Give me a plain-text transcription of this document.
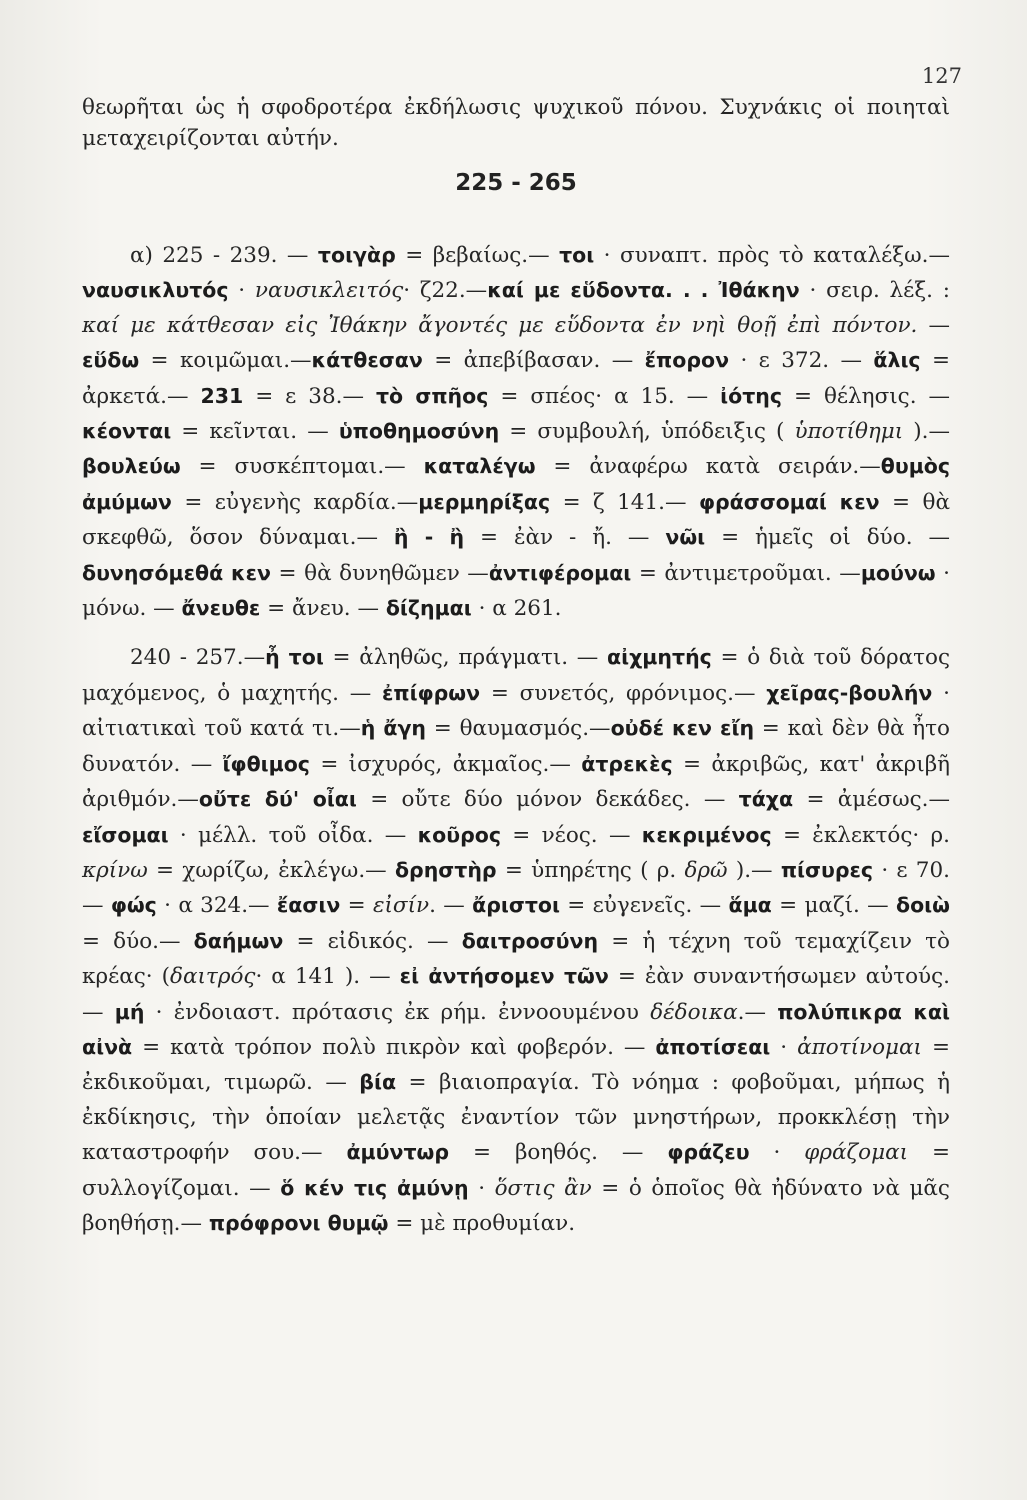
127

θεωρῆται ὡς ἡ σφοδροτέρα ἐκδήλωσις ψυχικοῦ πόνου. Συχνάκις οἱ ποιηταὶ μεταχειρίζονται αὐτήν.

225 - 265

α) 225 - 239. — τοιγὰρ = βεβαίως.— τοι · συναπτ. πρὸς τὸ καταλέξω.—ναυσικλυτός · ναυσικλειτός· ζ22.—καί με εὕδοντα. . . Ἰθάκην · σειρ. λέξ. : καί με κάτθεσαν εἰς Ἰθάκην ἄγοντές με εὕδοντα ἐν νηὶ θοῇ ἐπὶ πόντον. — εὕδω = κοιμῶμαι.—κάτθεσαν = ἀπεβίβασαν. — ἔπορον · ε 372. — ἅλις = ἀρκετά.— 231 = ε 38.— τὸ σπῆος = σπέος· α 15. — ἰότης = θέλησις. — κέονται = κεῖνται. — ὑποθημοσύνη = συμβουλή, ὑπόδειξις ( ὑποτίθημι ).— βουλεύω = συσκέπτομαι.— καταλέγω = ἀναφέρω κατὰ σειράν.—θυμὸς ἀμύμων = εὐγενὴς καρδία.—μερμηρίξας = ζ 141.— φράσσομαί κεν = θὰ σκεφθῶ, ὅσον δύναμαι.— ἢ - ἢ = ἐὰν - ἤ. — νῶι = ἡμεῖς οἱ δύο. — δυνησόμεθά κεν = θὰ δυνηθῶμεν —ἀντιφέρομαι = ἀντιμετροῦμαι. —μούνω · μόνω. — ἄνευθε = ἄνευ. — δίζημαι · α 261.

240 - 257.—ἦ τοι = ἀληθῶς, πράγματι. — αἰχμητής = ὁ διὰ τοῦ δόρατος μαχόμενος, ὁ μαχητής. — ἐπίφρων = συνετός, φρόνιμος.— χεῖρας-βουλήν · αἰτιατικαὶ τοῦ κατά τι.—ἡ ἄγη = θαυμασμός.—οὐδέ κεν εἴη = καὶ δὲν θὰ ἦτο δυνατόν. — ἴφθιμος = ἰσχυρός, ἀκμαῖος.— ἀτρεκὲς = ἀκριβῶς, κατ' ἀκριβῆ ἀριθμόν.—οὔτε δύ' οἶαι = οὔτε δύο μόνον δεκάδες. — τάχα = ἀμέσως.—εἴσομαι · μέλλ. τοῦ οἶδα. — κοῦρος = νέος. — κεκριμένος = ἐκλεκτός· ρ. κρίνω = χωρίζω, ἐκλέγω.— δρηστὴρ = ὑπηρέτης ( ρ. δρῶ ).— πίσυρες · ε 70. — φώς · α 324.— ἔασιν = εἰσίν. — ἄριστοι = εὐγενεῖς. — ἅμα = μαζί. — δοιὼ = δύο.— δαήμων = εἰδικός. — δαιτροσύνη = ἡ τέχνη τοῦ τεμαχίζειν τὸ κρέας· (δαιτρός· α 141 ). — εἰ ἀντήσομεν τῶν = ἐὰν συναντήσωμεν αὐτούς. — μή · ἐνδοιαστ. πρότασις ἐκ ρήμ. ἐννοουμένου δέδοικα.— πολύπικρα καὶ αἰνὰ = κατὰ τρόπον πολὺ πικρὸν καὶ φοβερόν. — ἀποτίσεαι · ἀποτίνομαι = ἐκδικοῦμαι, τιμωρῶ. — βία = βιαιοπραγία. Τὸ νόημα : φοβοῦμαι, μήπως ἡ ἐκδίκησις, τὴν ὁποίαν μελετᾷς ἐναντίον τῶν μνηστήρων, προκκλέσῃ τὴν καταστροφήν σου.— ἀμύντωρ = βοηθός. — φράζευ · φράζομαι = συλλογίζομαι. — ὅ κέν τις ἀμύνῃ · ὅστις ἂν = ὁ ὁποῖος θὰ ἠδύνατο νὰ μᾶς βοηθήσῃ.— πρόφρονι θυμῷ = μὲ προθυμίαν.
